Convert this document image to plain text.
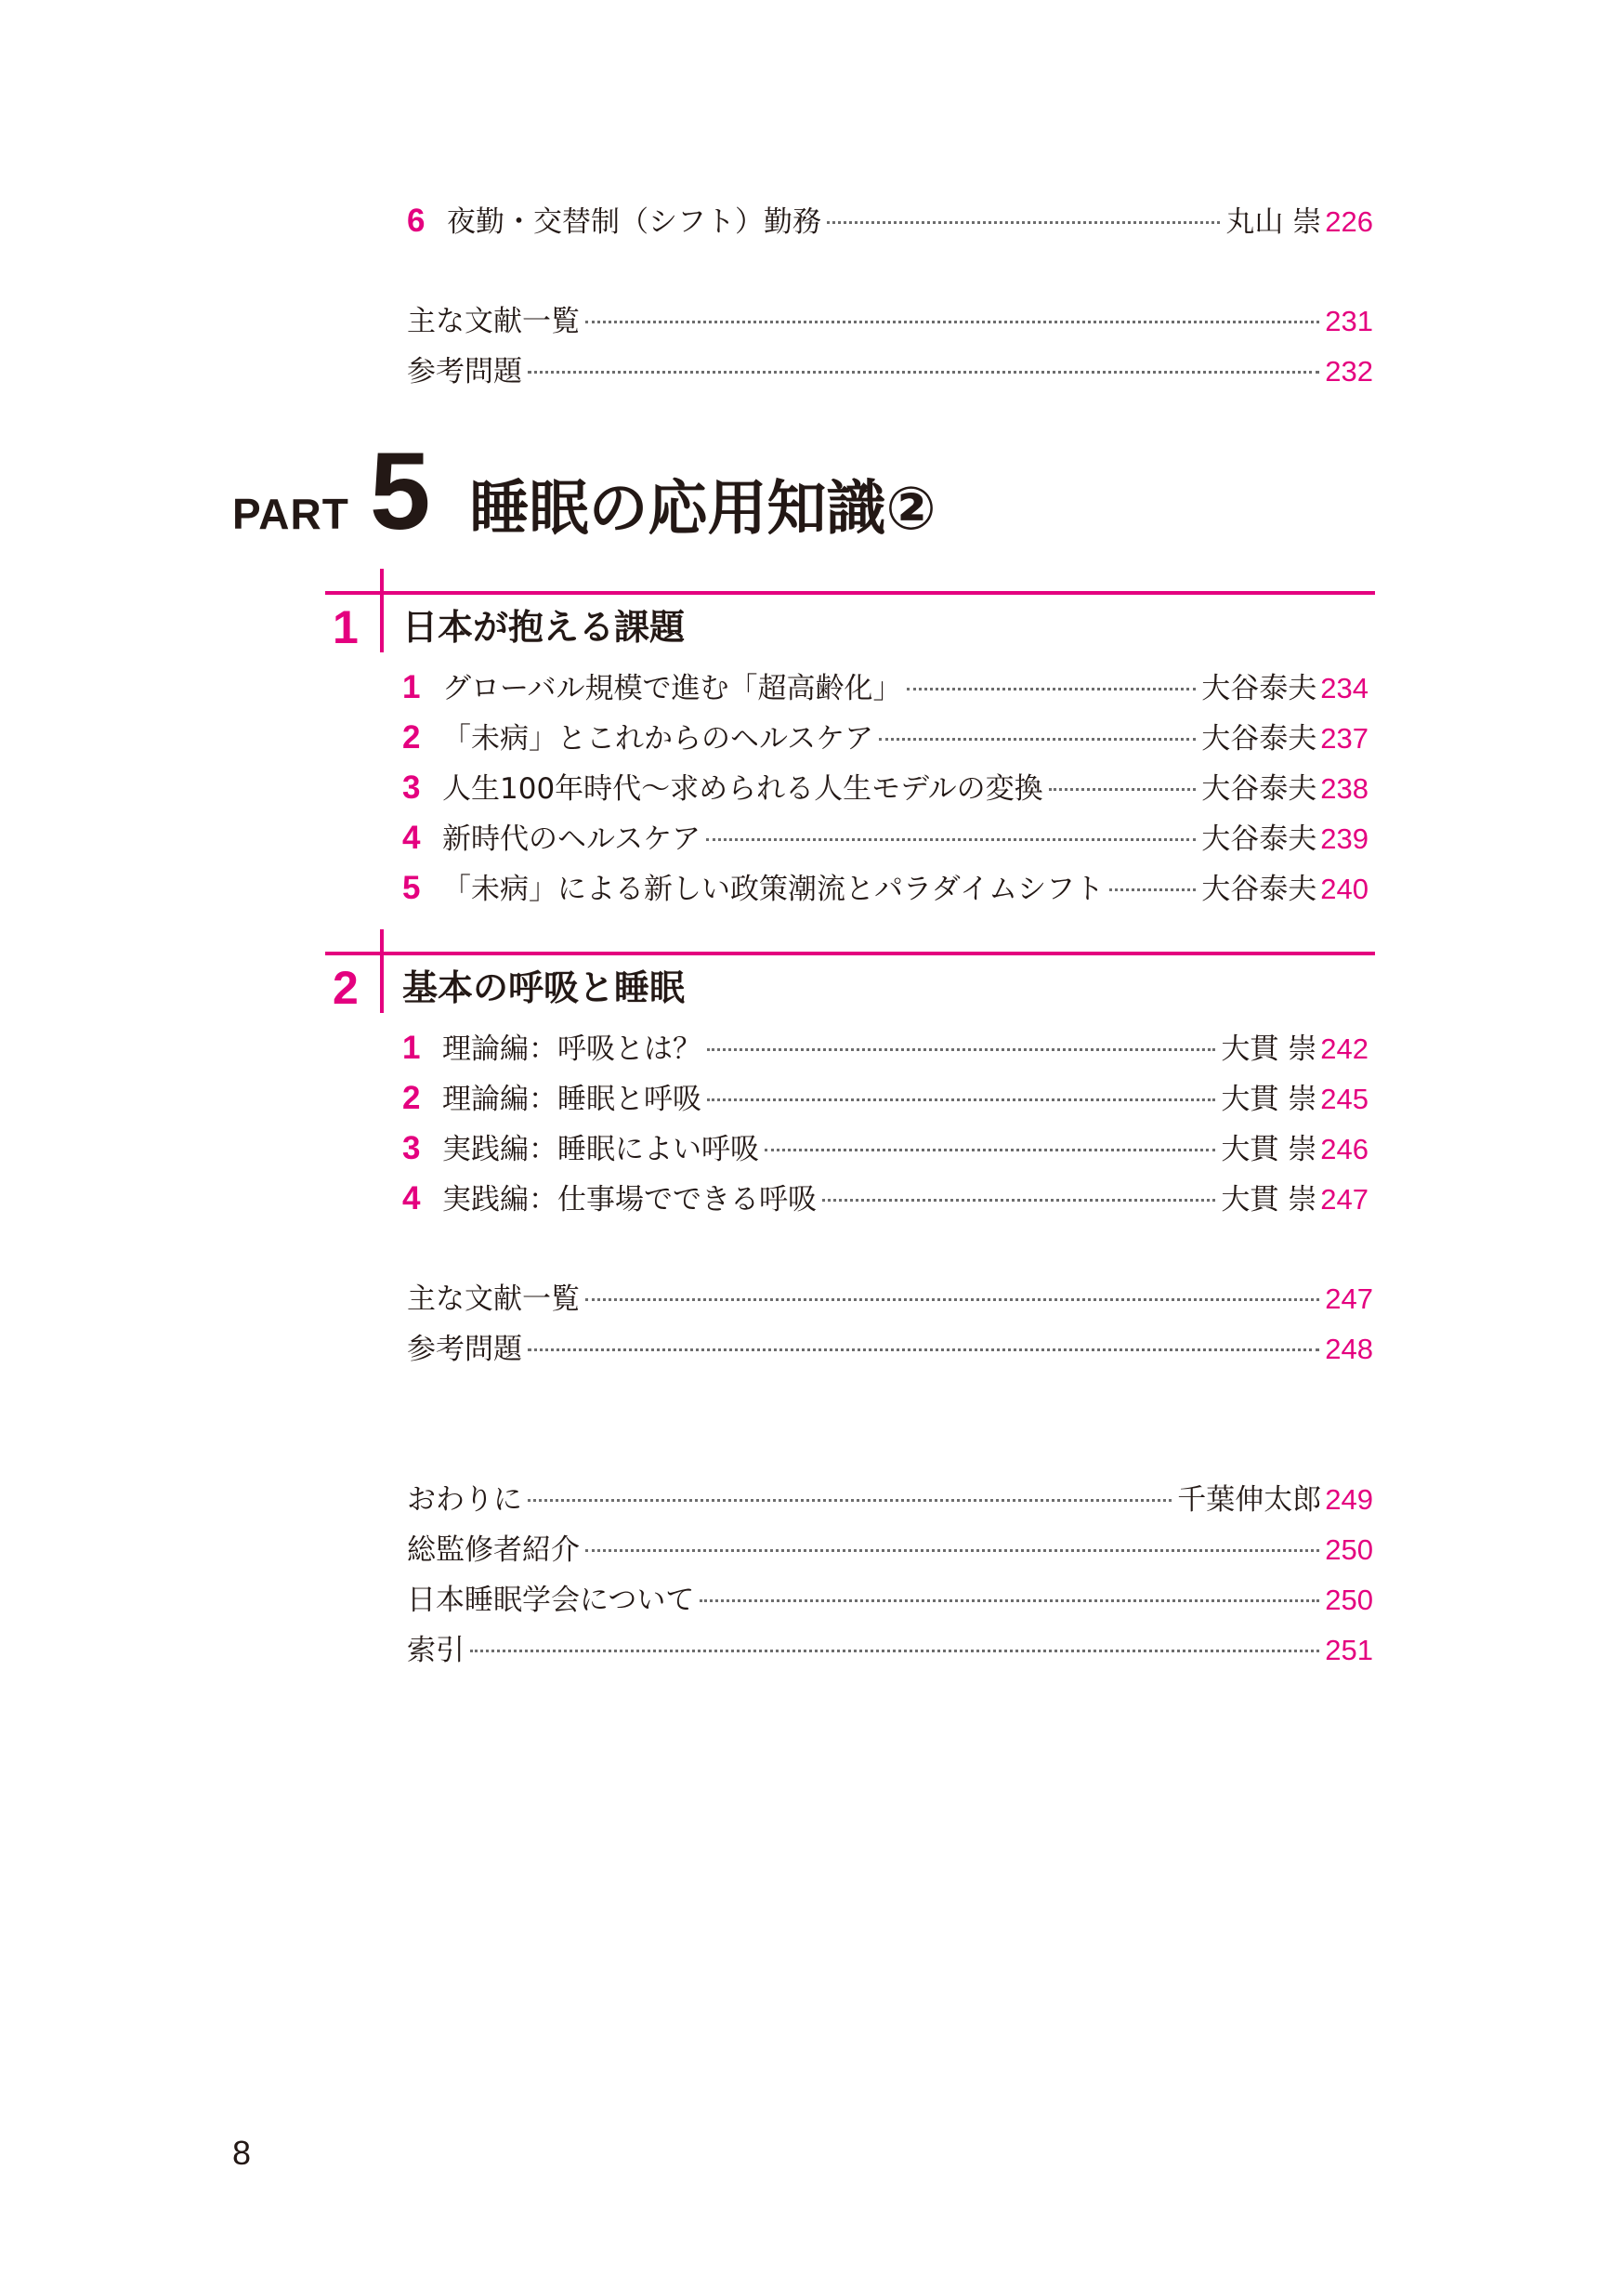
6 夜勤・交替制（シフト）勤務	丸山 崇 226
主な文献一覧	231
参考問題	232
PART 5 睡眠の応用知識②
1 日本が抱える課題
1 グローバル規模で進む「超高齢化」	大谷泰夫 234
2 「未病」とこれからのヘルスケア	大谷泰夫 237
3 人生100年時代～求められる人生モデルの変換	大谷泰夫 238
4 新時代のヘルスケア	大谷泰夫 239
5 「未病」による新しい政策潮流とパラダイムシフト	大谷泰夫 240
2 基本の呼吸と睡眠
1 理論編：呼吸とは？	大貫 崇 242
2 理論編：睡眠と呼吸	大貫 崇 245
3 実践編：睡眠によい呼吸	大貫 崇 246
4 実践編：仕事場でできる呼吸	大貫 崇 247
主な文献一覧	247
参考問題	248
おわりに	千葉伸太郎 249
総監修者紹介	250
日本睡眠学会について	250
索引	251
8
